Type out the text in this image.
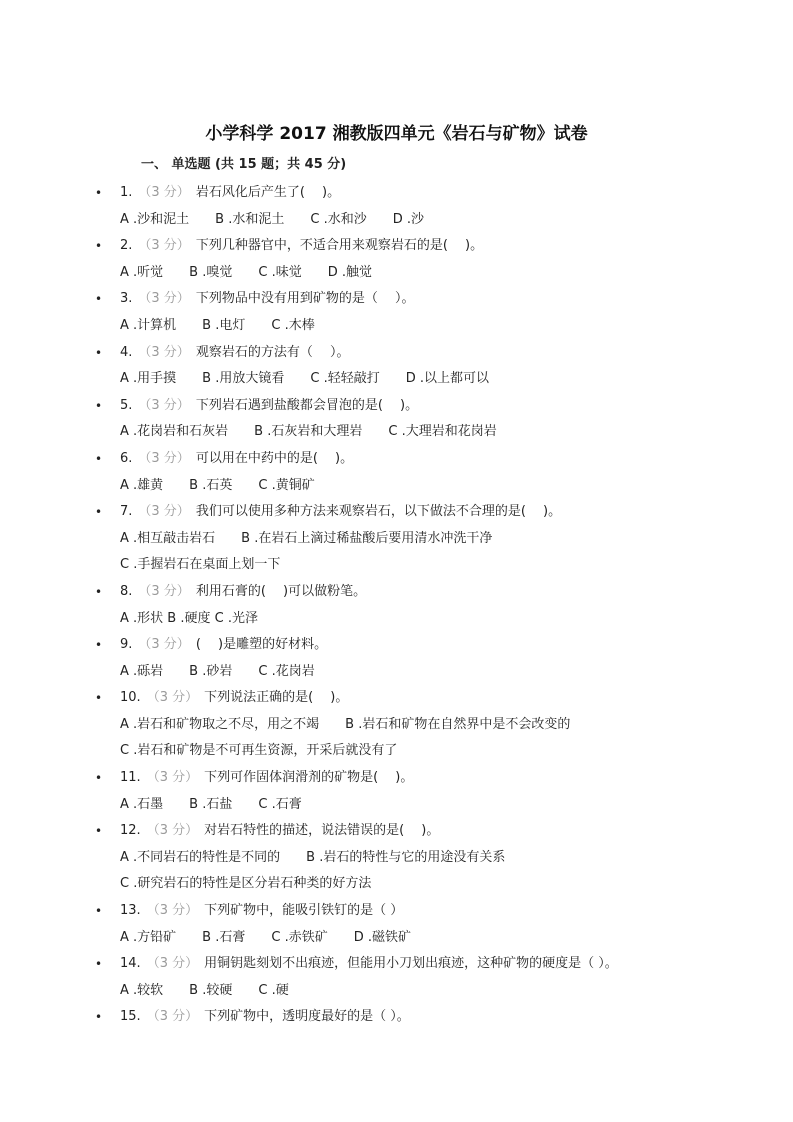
小学科学 2017 湘教版四单元《岩石与矿物》试卷
一、 单选题 (共 15 题；共 45 分)
• 1. （3 分） 岩石风化后产生了(　 )。
A .沙和泥土 B .水和泥土 C .水和沙 D .沙
• 2. （3 分） 下列几种器官中，不适合用来观察岩石的是(　 )。
A .听觉 B .嗅觉 C .味觉 D .触觉
• 3. （3 分） 下列物品中没有用到矿物的是（　 ）。
A .计算机 B .电灯 C .木棒
• 4. （3 分） 观察岩石的方法有（　 ）。
A .用手摸 B .用放大镜看 C .轻轻敲打 D .以上都可以
• 5. （3 分） 下列岩石遇到盐酸都会冒泡的是(　 )。
A .花岗岩和石灰岩 B .石灰岩和大理岩 C .大理岩和花岗岩
• 6. （3 分） 可以用在中药中的是(　 )。
A .雄黄 B .石英 C .黄铜矿
• 7. （3 分） 我们可以使用多种方法来观察岩石，以下做法不合理的是(　 )。
A .相互敲击岩石 B .在岩石上滴过稀盐酸后要用清水冲洗干净
C .手握岩石在桌面上划一下
• 8. （3 分） 利用石膏的(　 )可以做粉笔。
A .形状 B .硬度 C .光泽
• 9. （3 分） (　 )是雕塑的好材料。
A .砾岩 B .砂岩 C .花岗岩
• 10. （3 分） 下列说法正确的是(　 )。
A .岩石和矿物取之不尽，用之不竭 B .岩石和矿物在自然界中是不会改变的
C .岩石和矿物是不可再生资源，开采后就没有了
• 11. （3 分） 下列可作固体润滑剂的矿物是(　 )。
A .石墨 B .石盐 C .石膏
• 12. （3 分） 对岩石特性的描述，说法错误的是(　 )。
A .不同岩石的特性是不同的 B .岩石的特性与它的用途没有关系
C .研究岩石的特性是区分岩石种类的好方法
• 13. （3 分） 下列矿物中，能吸引铁钉的是（ ）
A .方铅矿 B .石膏 C .赤铁矿 D .磁铁矿
• 14. （3 分） 用铜钥匙刻划不出痕迹，但能用小刀划出痕迹，这种矿物的硬度是（ ）。
A .较软 B .较硬 C .硬
• 15. （3 分） 下列矿物中，透明度最好的是（ ）。
